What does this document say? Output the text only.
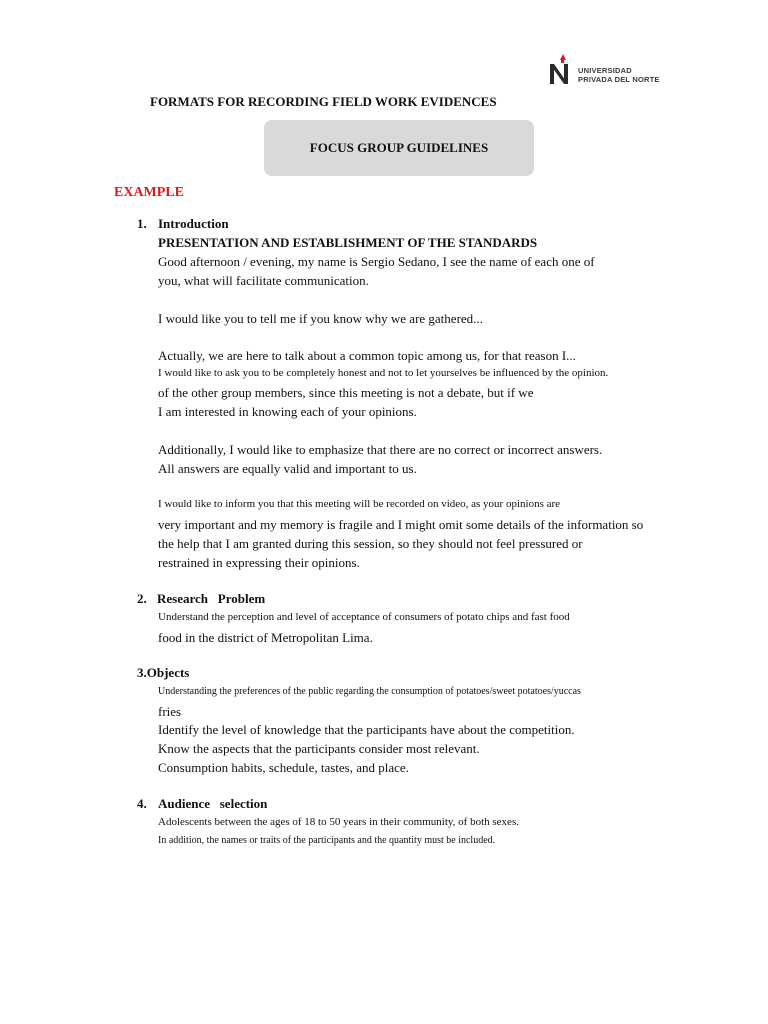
UNIVERSIDAD
PRIVADA DEL NORTE
FORMATS FOR RECORDING FIELD WORK EVIDENCES
FOCUS GROUP GUIDELINES
EXAMPLE
1. Introduction
PRESENTATION AND ESTABLISHMENT OF THE STANDARDS
Good afternoon / evening, my name is Sergio Sedano, I see the name of each one of
you, what will facilitate communication.
I would like you to tell me if you know why we are gathered...
Actually, we are here to talk about a common topic among us, for that reason I...
I would like to ask you to be completely honest and not to let yourselves be influenced by the opinion.
of the other group members, since this meeting is not a debate, but if we
I am interested in knowing each of your opinions.
Additionally, I would like to emphasize that there are no correct or incorrect answers.
All answers are equally valid and important to us.
I would like to inform you that this meeting will be recorded on video, as your opinions are
very important and my memory is fragile and I might omit some details of the information so
the help that I am granted during this session, so they should not feel pressured or
restrained in expressing their opinions.
2. Research   Problem
Understand the perception and level of acceptance of consumers of potato chips and fast food
food in the district of Metropolitan Lima.
3.Objects
Understanding the preferences of the public regarding the consumption of potatoes/sweet potatoes/yuccas
fries
Identify the level of knowledge that the participants have about the competition.
Know the aspects that the participants consider most relevant.
Consumption habits, schedule, tastes, and place.
4. Audience   selection
Adolescents between the ages of 18 to 50 years in their community, of both sexes.
In addition, the names or traits of the participants and the quantity must be included.
